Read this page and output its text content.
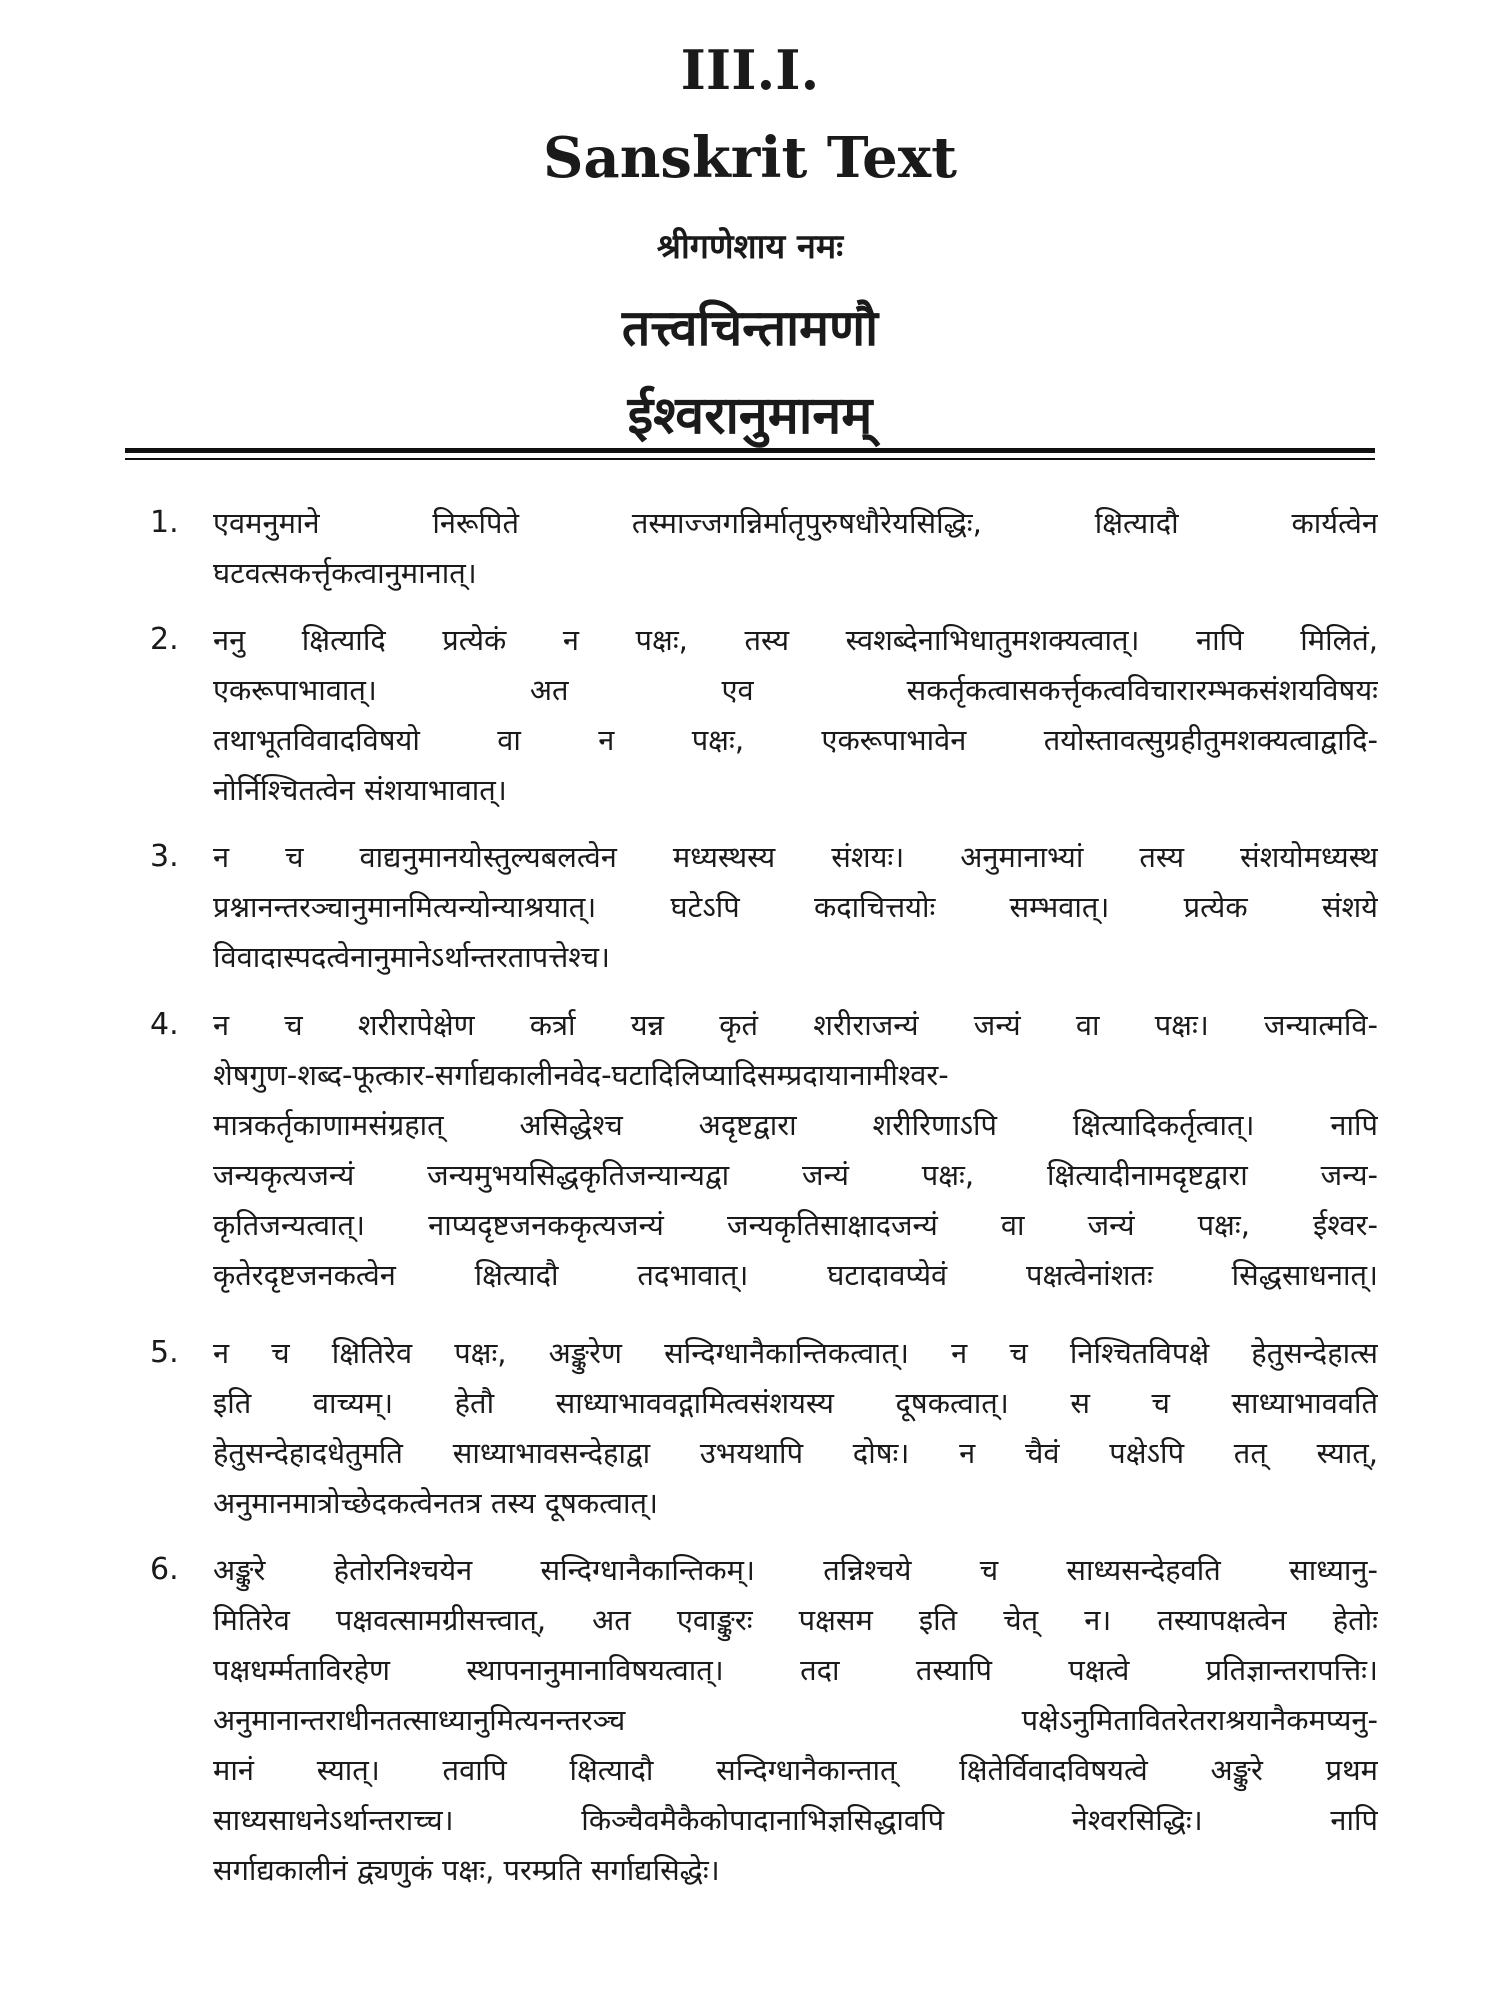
III.I.
Sanskrit Text
श्रीगणेशाय नमः
तत्त्वचिन्तामणौ
ईश्वरानुमानम्
1.	एवमनुमाने निरूपिते तस्माज्जगन्निर्मातृपुरुषधौरेयसिद्धिः, क्षित्यादौ कार्यत्वेन
घटवत्सकर्त्तृकत्वानुमानात्।
2.	ननु क्षित्यादि प्रत्येकं न पक्षः, तस्य स्वशब्देनाभिधातुमशक्यत्वात्। नापि मिलितं,
एकरूपाभावात्। अत एव सकर्तृकत्वासकर्त्तृकत्वविचारारम्भकसंशयविषयः
तथाभूतविवादविषयो वा न पक्षः, एकरूपाभावेन तयोस्तावत्सुग्रहीतुमशक्यत्वाद्वादि-
नोर्निश्चितत्वेन संशयाभावात्।
3.	न च वाद्यनुमानयोस्तुल्यबलत्वेन मध्यस्थस्य संशयः। अनुमानाभ्यां तस्य संशयोमध्यस्थ
प्रश्नानन्तरञ्चानुमानमित्यन्योन्याश्रयात्। घटेऽपि कदाचित्तयोः सम्भवात्। प्रत्येक संशये
विवादास्पदत्वेनानुमानेऽर्थान्तरतापत्तेश्च।
4.	न च शरीरापेक्षेण कर्त्रा यन्न कृतं शरीराजन्यं जन्यं वा पक्षः। जन्यात्मवि-
शेषगुण-शब्द-फूत्कार-सर्गाद्यकालीनवेद-घटादिलिप्यादिसम्प्रदायानामीश्वर-
मात्रकर्तृकाणामसंग्रहात् असिद्धेश्च अदृष्टद्वारा शरीरिणाऽपि क्षित्यादिकर्तृत्वात्। नापि
जन्यकृत्यजन्यं जन्यमुभयसिद्धकृतिजन्यान्यद्वा जन्यं पक्षः, क्षित्यादीनामदृष्टद्वारा जन्य-
कृतिजन्यत्वात्। नाप्यदृष्टजनककृत्यजन्यं जन्यकृतिसाक्षादजन्यं वा जन्यं पक्षः, ईश्वर-
कृतेरदृष्टजनकत्वेन क्षित्यादौ तदभावात्। घटादावप्येवं पक्षत्वेनांशतः सिद्धसाधनात्।
5.	न च क्षितिरेव पक्षः, अङ्कुरेण सन्दिग्धानैकान्तिकत्वात्। न च निश्चितविपक्षे हेतुसन्देहात्स
इति वाच्यम्। हेतौ साध्याभाववद्गामित्वसंशयस्य दूषकत्वात्। स च साध्याभाववति
हेतुसन्देहादधेतुमति साध्याभावसन्देहाद्वा उभयथापि दोषः। न चैवं पक्षेऽपि तत् स्यात्,
अनुमानमात्रोच्छेदकत्वेनतत्र तस्य दूषकत्वात्।
6.	अङ्कुरे हेतोरनिश्चयेन सन्दिग्धानैकान्तिकम्। तन्निश्चये च साध्यसन्देहवति साध्यानु-
मितिरेव पक्षवत्सामग्रीसत्त्वात्, अत एवाङ्कुरः पक्षसम इति चेत् न। तस्यापक्षत्वेन हेतोः
पक्षधर्म्मताविरहेण स्थापनानुमानाविषयत्वात्। तदा तस्यापि पक्षत्वे प्रतिज्ञान्तरापत्तिः।
अनुमानान्तराधीनतत्साध्यानुमित्यनन्तरञ्च पक्षेऽनुमितावितरेतराश्रयानैकमप्यनु-
मानं स्यात्। तवापि क्षित्यादौ सन्दिग्धानैकान्तात् क्षितेर्विवादविषयत्वे अङ्कुरे प्रथम
साध्यसाधनेऽर्थान्तराच्च। किञ्चैवमैकैकोपादानाभिज्ञसिद्धावपि नेश्वरसिद्धिः। नापि
सर्गाद्यकालीनं द्व्यणुकं पक्षः, परम्प्रति सर्गाद्यसिद्धेः।
